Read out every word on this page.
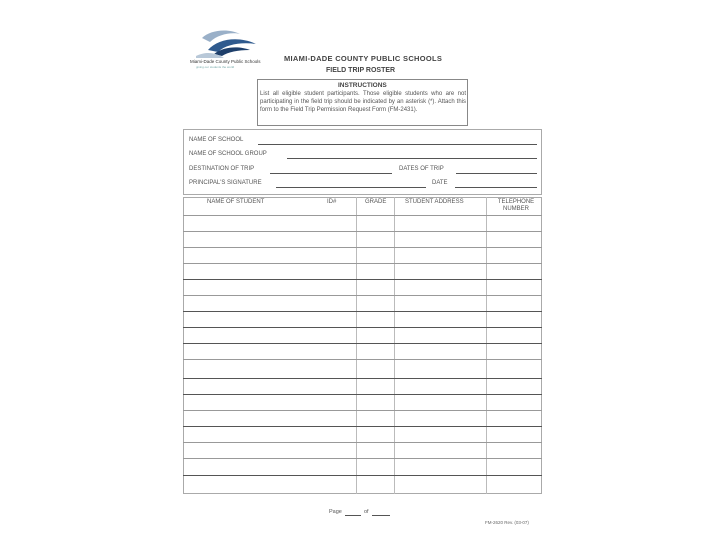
Miami-Dade County Public Schools
giving our students the world
MIAMI-DADE COUNTY PUBLIC SCHOOLS
FIELD TRIP ROSTER
INSTRUCTIONS
List all eligible student participants. Those eligible students who are not participating in the field trip should be indicated by an asterisk (*). Attach this form to the Field Trip Permission Request Form (FM-2431).
NAME OF SCHOOL
NAME OF SCHOOL GROUP
DESTINATION OF TRIP	DATES OF TRIP
PRINCIPAL'S SIGNATURE	DATE
NAME OF STUDENT	ID#	GRADE	STUDENT ADDRESS	TELEPHONE NUMBER
Page	of
FM-2620 Rev. (03-07)
